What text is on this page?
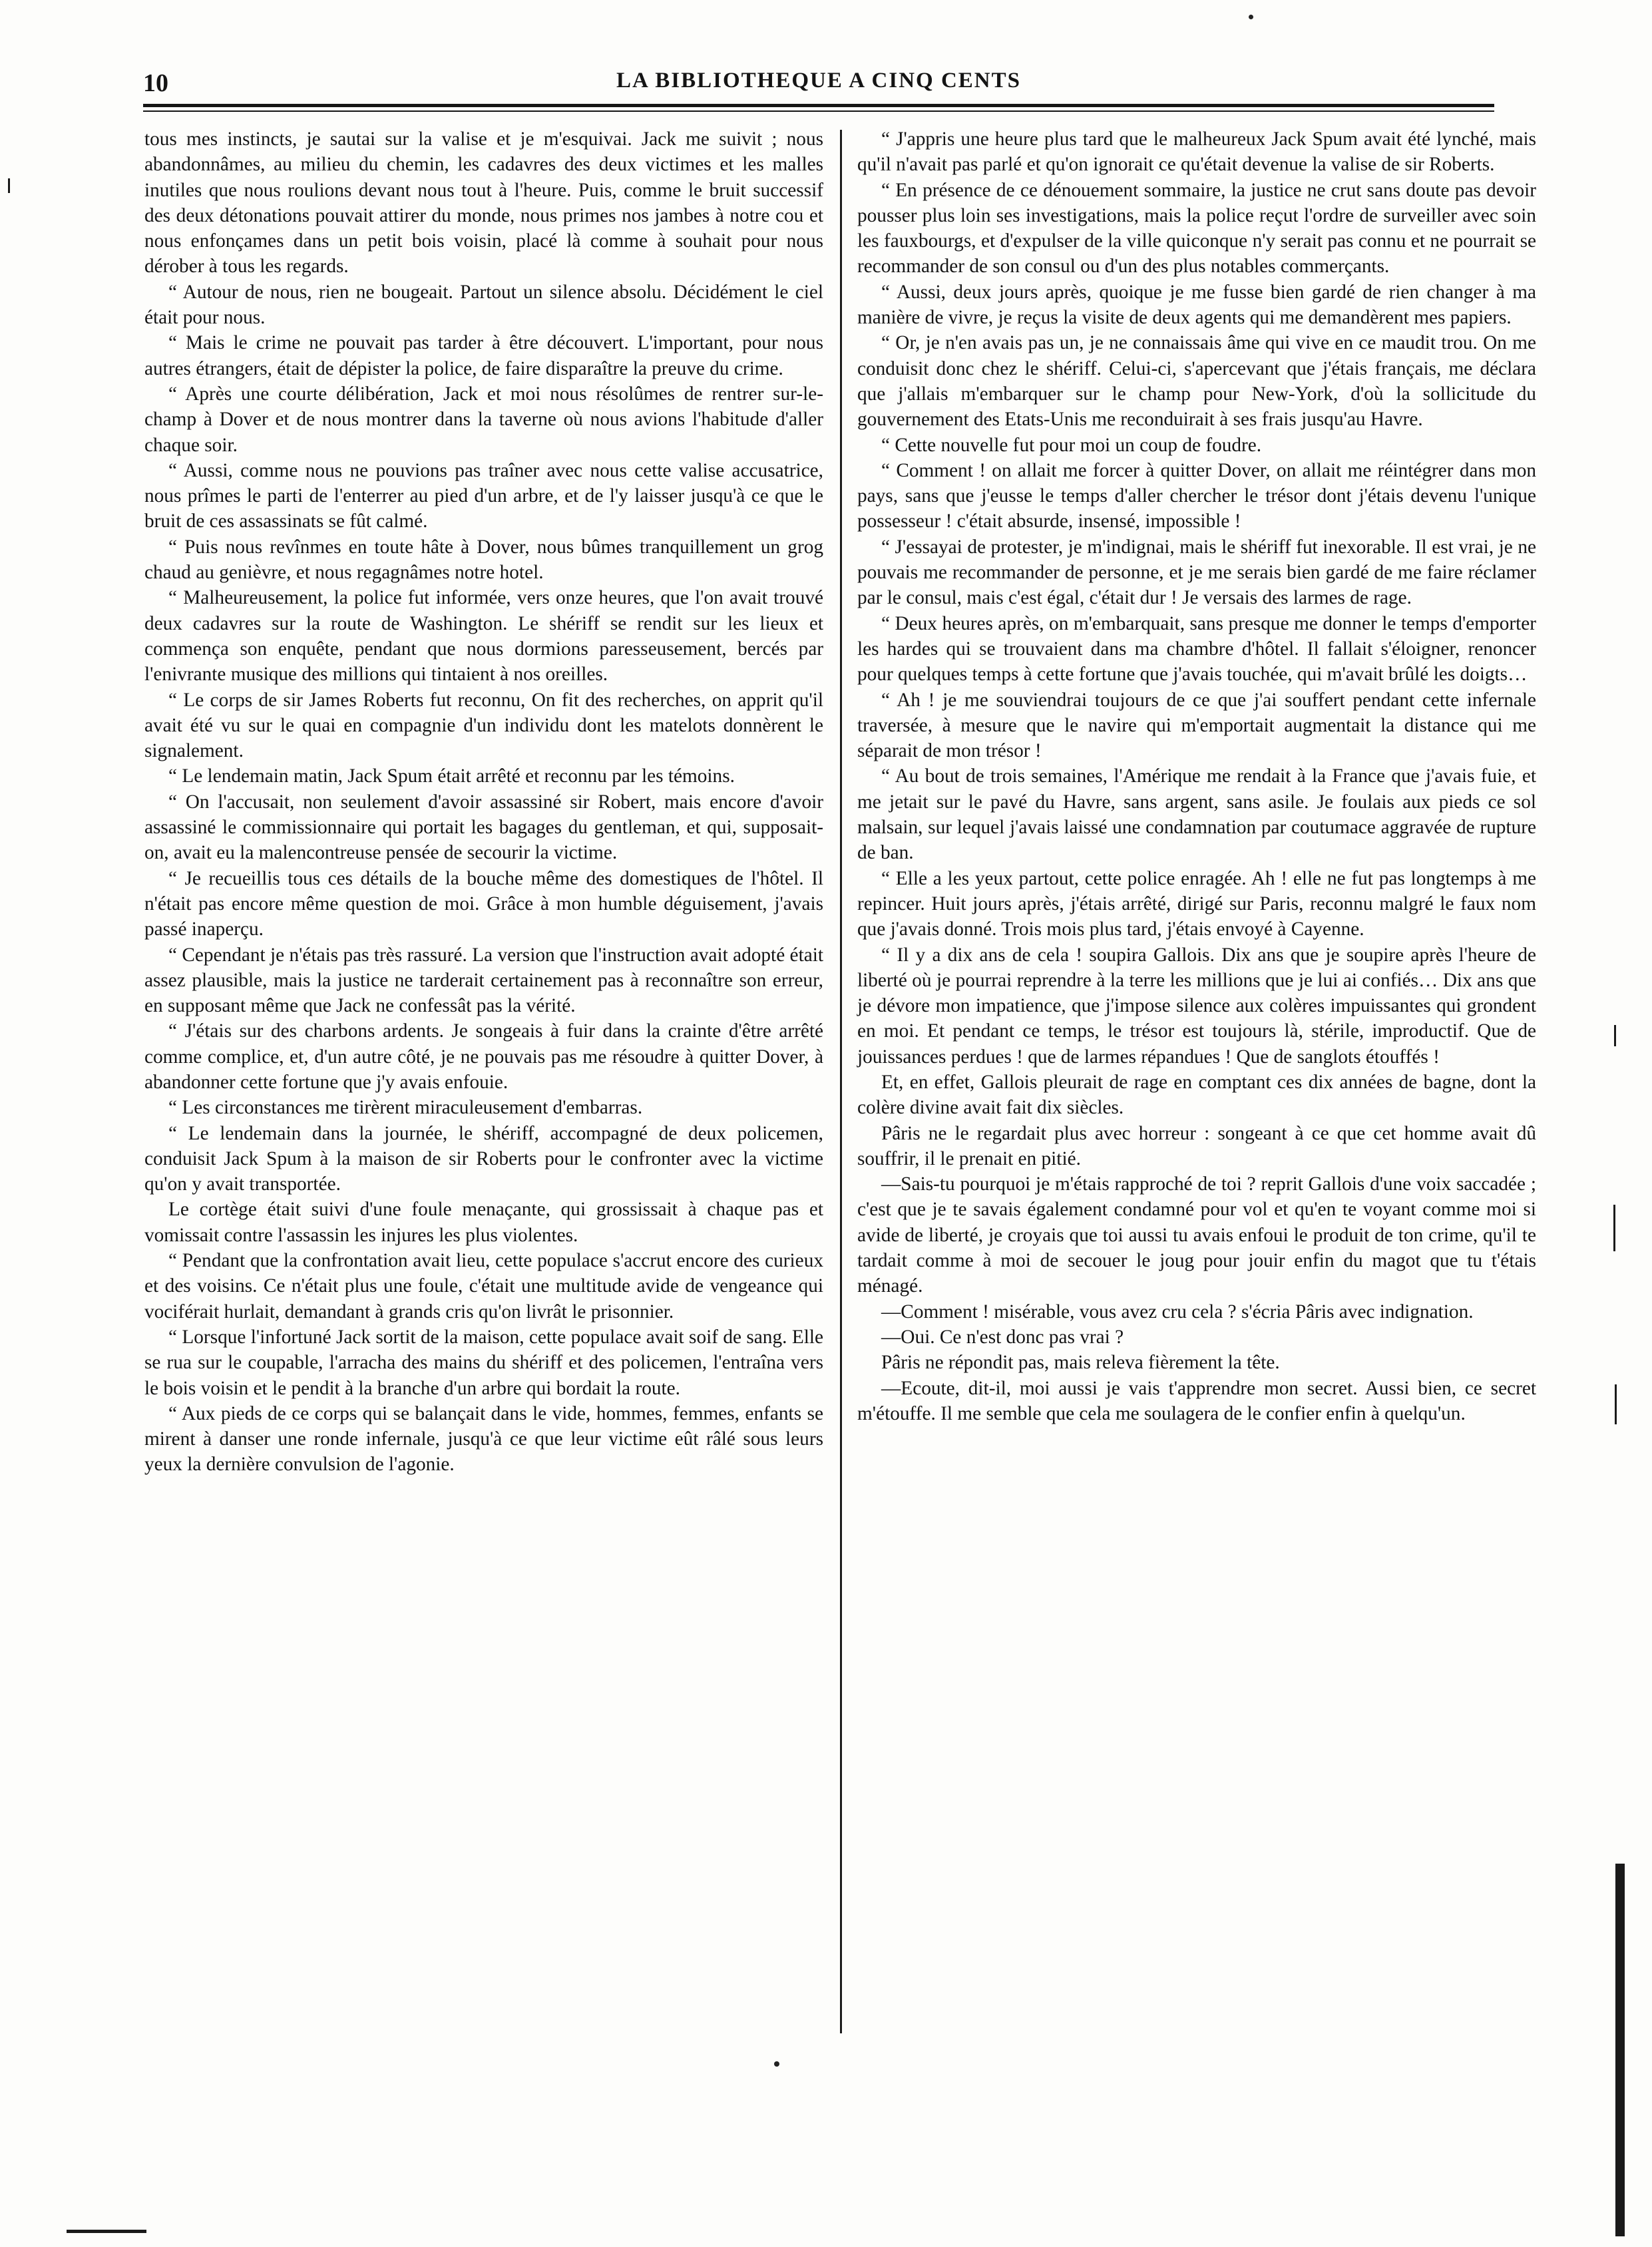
10	LA BIBLIOTHEQUE A CINQ CENTS

tous mes instincts, je sautai sur la valise et je m'esquivai. Jack me suivit ; nous abandonnâmes, au milieu du chemin, les cadavres des deux victimes et les malles inutiles que nous roulions devant nous tout à l'heure. Puis, comme le bruit successif des deux détonations pouvait attirer du monde, nous primes nos jambes à notre cou et nous enfonçames dans un petit bois voisin, placé là comme à souhait pour nous dérober à tous les regards.

“ Autour de nous, rien ne bougeait. Partout un silence absolu. Décidément le ciel était pour nous.

“ Mais le crime ne pouvait pas tarder à être découvert. L'important, pour nous autres étrangers, était de dépister la police, de faire disparaître la preuve du crime.

“ Après une courte délibération, Jack et moi nous résolûmes de rentrer sur-le-champ à Dover et de nous montrer dans la taverne où nous avions l'habitude d'aller chaque soir.

“ Aussi, comme nous ne pouvions pas traîner avec nous cette valise accusatrice, nous prîmes le parti de l'enterrer au pied d'un arbre, et de l'y laisser jusqu'à ce que le bruit de ces assassinats se fût calmé.

“ Puis nous revînmes en toute hâte à Dover, nous bûmes tranquillement un grog chaud au genièvre, et nous regagnâmes notre hotel.

“ Malheureusement, la police fut informée, vers onze heures, que l'on avait trouvé deux cadavres sur la route de Washington. Le shériff se rendit sur les lieux et commença son enquête, pendant que nous dormions paresseusement, bercés par l'enivrante musique des millions qui tintaient à nos oreilles.

“ Le corps de sir James Roberts fut reconnu, On fit des recherches, on apprit qu'il avait été vu sur le quai en compagnie d'un individu dont les matelots donnèrent le signalement.

“ Le lendemain matin, Jack Spum était arrêté et reconnu par les témoins.

“ On l'accusait, non seulement d'avoir assassiné sir Robert, mais encore d'avoir assassiné le commissionnaire qui portait les bagages du gentleman, et qui, supposait-on, avait eu la malencontreuse pensée de secourir la victime.

“ Je recueillis tous ces détails de la bouche même des domestiques de l'hôtel. Il n'était pas encore même question de moi. Grâce à mon humble déguisement, j'avais passé inaperçu.

“ Cependant je n'étais pas très rassuré. La version que l'instruction avait adopté était assez plausible, mais la justice ne tarderait certainement pas à reconnaître son erreur, en supposant même que Jack ne confessât pas la vérité.

“ J'étais sur des charbons ardents. Je songeais à fuir dans la crainte d'être arrêté comme complice, et, d'un autre côté, je ne pouvais pas me résoudre à quitter Dover, à abandonner cette fortune que j'y avais enfouie.

“ Les circonstances me tirèrent miraculeusement d'embarras.

“ Le lendemain dans la journée, le shériff, accompagné de deux policemen, conduisit Jack Spum à la maison de sir Roberts pour le confronter avec la victime qu'on y avait transportée.

Le cortège était suivi d'une foule menaçante, qui grossissait à chaque pas et vomissait contre l'assassin les injures les plus violentes.

“ Pendant que la confrontation avait lieu, cette populace s'accrut encore des curieux et des voisins. Ce n'était plus une foule, c'était une multitude avide de vengeance qui vociférait hurlait, demandant à grands cris qu'on livrât le prisonnier.

“ Lorsque l'infortuné Jack sortit de la maison, cette populace avait soif de sang. Elle se rua sur le coupable, l'arracha des mains du shériff et des policemen, l'entraîna vers le bois voisin et le pendit à la branche d'un arbre qui bordait la route.

“ Aux pieds de ce corps qui se balançait dans le vide, hommes, femmes, enfants se mirent à danser une ronde infernale, jusqu'à ce que leur victime eût râlé sous leurs yeux la dernière convulsion de l'agonie.

“ J'appris une heure plus tard que le malheureux Jack Spum avait été lynché, mais qu'il n'avait pas parlé et qu'on ignorait ce qu'était devenue la valise de sir Roberts.

“ En présence de ce dénouement sommaire, la justice ne crut sans doute pas devoir pousser plus loin ses investigations, mais la police reçut l'ordre de surveiller avec soin les fauxbourgs, et d'expulser de la ville quiconque n'y serait pas connu et ne pourrait se recommander de son consul ou d'un des plus notables commerçants.

“ Aussi, deux jours après, quoique je me fusse bien gardé de rien changer à ma manière de vivre, je reçus la visite de deux agents qui me demandèrent mes papiers.

“ Or, je n'en avais pas un, je ne connaissais âme qui vive en ce maudit trou. On me conduisit donc chez le shériff. Celui-ci, s'apercevant que j'étais français, me déclara que j'allais m'embarquer sur le champ pour New-York, d'où la sollicitude du gouvernement des Etats-Unis me reconduirait à ses frais jusqu'au Havre.

“ Cette nouvelle fut pour moi un coup de foudre.

“ Comment ! on allait me forcer à quitter Dover, on allait me réintégrer dans mon pays, sans que j'eusse le temps d'aller chercher le trésor dont j'étais devenu l'unique possesseur ! c'était absurde, insensé, impossible !

“ J'essayai de protester, je m'indignai, mais le shériff fut inexorable. Il est vrai, je ne pouvais me recommander de personne, et je me serais bien gardé de me faire réclamer par le consul, mais c'est égal, c'était dur ! Je versais des larmes de rage.

“ Deux heures après, on m'embarquait, sans presque me donner le temps d'emporter les hardes qui se trouvaient dans ma chambre d'hôtel. Il fallait s'éloigner, renoncer pour quelques temps à cette fortune que j'avais touchée, qui m'avait brûlé les doigts…

“ Ah ! je me souviendrai toujours de ce que j'ai souffert pendant cette infernale traversée, à mesure que le navire qui m'emportait augmentait la distance qui me séparait de mon trésor !

“ Au bout de trois semaines, l'Amérique me rendait à la France que j'avais fuie, et me jetait sur le pavé du Havre, sans argent, sans asile. Je foulais aux pieds ce sol malsain, sur lequel j'avais laissé une condamnation par coutumace aggravée de rupture de ban.

“ Elle a les yeux partout, cette police enragée. Ah ! elle ne fut pas longtemps à me repincer. Huit jours après, j'étais arrêté, dirigé sur Paris, reconnu malgré le faux nom que j'avais donné. Trois mois plus tard, j'étais envoyé à Cayenne.

“ Il y a dix ans de cela ! soupira Gallois. Dix ans que je soupire après l'heure de liberté où je pourrai reprendre à la terre les millions que je lui ai confiés… Dix ans que je dévore mon impatience, que j'impose silence aux colères impuissantes qui grondent en moi. Et pendant ce temps, le trésor est toujours là, stérile, improductif. Que de jouissances perdues ! que de larmes répandues ! Que de sanglots étouffés !

Et, en effet, Gallois pleurait de rage en comptant ces dix années de bagne, dont la colère divine avait fait dix siècles.

Pâris ne le regardait plus avec horreur : songeant à ce que cet homme avait dû souffrir, il le prenait en pitié.

—Sais-tu pourquoi je m'étais rapproché de toi ? reprit Gallois d'une voix saccadée ; c'est que je te savais également condamné pour vol et qu'en te voyant comme moi si avide de liberté, je croyais que toi aussi tu avais enfoui le produit de ton crime, qu'il te tardait comme à moi de secouer le joug pour jouir enfin du magot que tu t'étais ménagé.

—Comment ! misérable, vous avez cru cela ? s'écria Pâris avec indignation.

—Oui. Ce n'est donc pas vrai ?

Pâris ne répondit pas, mais releva fièrement la tête.

—Ecoute, dit-il, moi aussi je vais t'apprendre mon secret. Aussi bien, ce secret m'étouffe. Il me semble que cela me soulagera de le confier enfin à quelqu'un.
